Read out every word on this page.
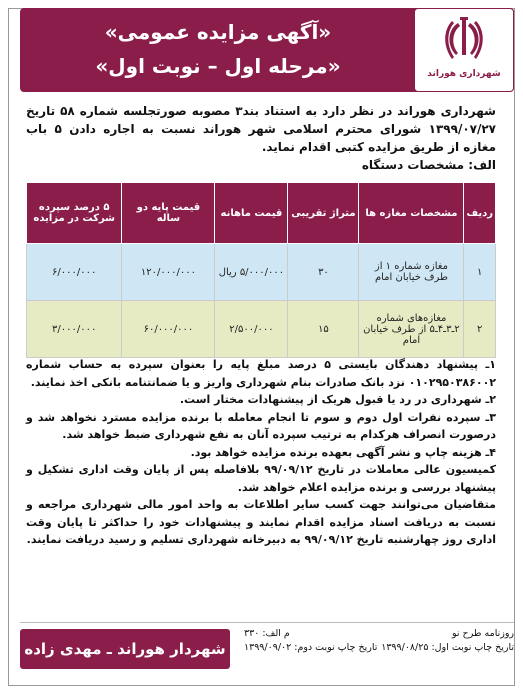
«آگهی مزایده عمومی»
«مرحله اول – نوبت اول»	شهرداری هوراند
شهرداری هوراند در نظر دارد به استناد بند۳ مصوبه صورتجلسه شماره ۵۸ تاریخ ۱۳۹۹/۰۷/۲۷ شورای محترم اسلامی شهر هوراند نسبت به اجاره دادن ۵ باب مغازه از طریق مزایده کتبی اقدام نماید.
الف: مشخصات دستگاه
ردیف	مشخصات مغازه ها	متراژ تقریبی	قیمت ماهانه	قیمت پایه دو ساله	۵ درصد سپرده شرکت در مزایده
۱	مغازه شماره ۱ از طرف خیابان امام	۳۰	۵/۰۰۰/۰۰۰ ریال	۱۲۰/۰۰۰/۰۰۰	۶/۰۰۰/۰۰۰
۲	مغازه‌های شماره ۲ـ۳ـ۴ـ۵ از طرف خیابان امام	۱۵	۲/۵۰۰/۰۰۰	۶۰/۰۰۰/۰۰۰	۳/۰۰۰/۰۰۰

۱ـ پیشنهاد دهندگان بایستی ۵ درصد مبلغ پایه را بعنوان سپرده به حساب شماره ۰۱۰۲۹۵۰۳۸۶۰۰۲ نزد بانک صادرات بنام شهرداری واریز و یا ضمانتنامه بانکی اخذ نمایند.

۲ـ شهرداری در رد یا قبول هریک از پیشنهادات مختار است.

۳ـ سپرده نفرات اول دوم و سوم تا انجام معامله با برنده مزایده مسترد نخواهد شد و درصورت انصراف هرکدام به ترتیب سپرده آنان به نفع شهرداری ضبط خواهد شد.

۴ـ هزینه چاپ و نشر آگهی بعهده برنده مزایده خواهد بود.

کمیسیون عالی معاملات در تاریخ ۹۹/۰۹/۱۲ بلافاصله پس از پایان وقت اداری تشکیل و پیشنهاد بررسی و برنده مزایده اعلام خواهد شد.

متقاضیان می‌توانند جهت کسب سایر اطلاعات به واحد امور مالی شهرداری مراجعه و نسبت به دریافت اسناد مزایده اقدام نمایند و پیشنهادات خود را حداکثر تا پایان وقت اداری روز چهارشنبه تاریخ ۹۹/۰۹/۱۲ به دبیرخانه شهرداری تسلیم و رسید دریافت نمایند.

روزنامه طرح نو
م الف: ۳۳۰
تاریخ چاپ نوبت اول: ۱۳۹۹/۰۸/۲۵
تاریخ چاپ نوبت دوم: ۱۳۹۹/۰۹/۰۲
شهردار هوراند ـ مهدی زاده
